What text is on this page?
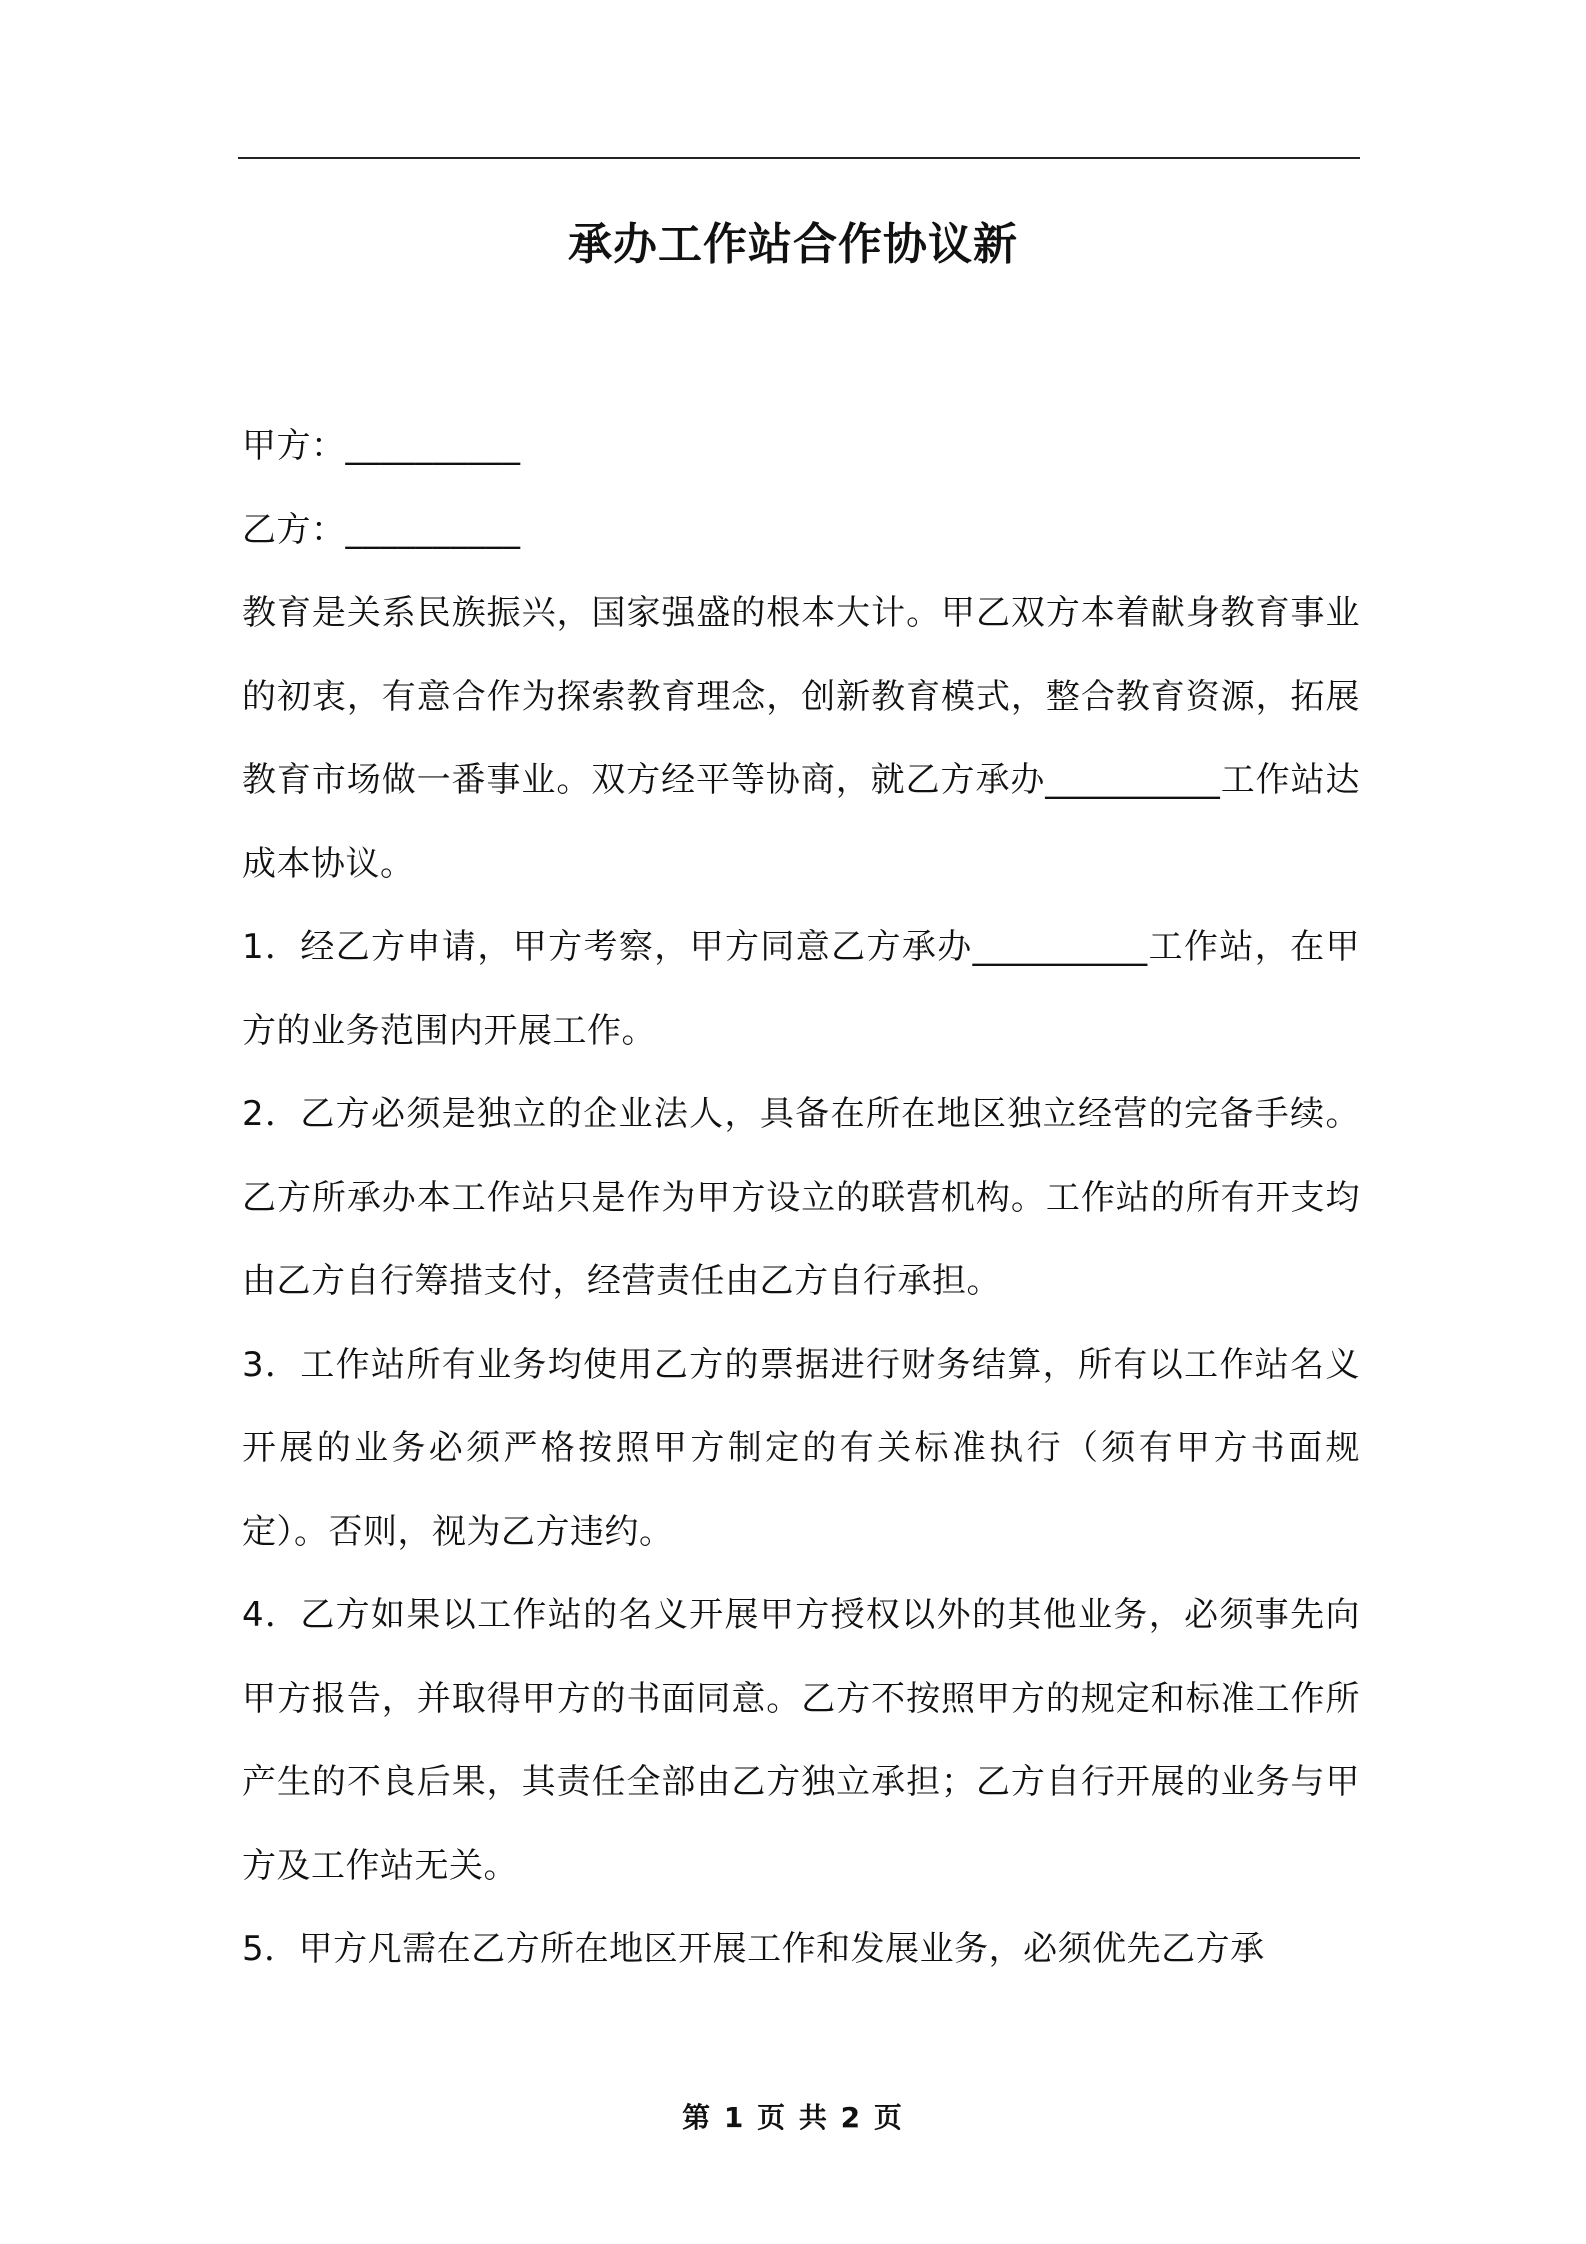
承办工作站合作协议新

甲方：__________

乙方：__________

教育是关系民族振兴，国家强盛的根本大计。甲乙双方本着献身教育事业的初衷，有意合作为探索教育理念，创新教育模式，整合教育资源，拓展教育市场做一番事业。双方经平等协商，就乙方承办__________工作站达成本协议。

1．经乙方申请，甲方考察，甲方同意乙方承办__________工作站，在甲方的业务范围内开展工作。

2．乙方必须是独立的企业法人，具备在所在地区独立经营的完备手续。乙方所承办本工作站只是作为甲方设立的联营机构。工作站的所有开支均由乙方自行筹措支付，经营责任由乙方自行承担。

3．工作站所有业务均使用乙方的票据进行财务结算，所有以工作站名义开展的业务必须严格按照甲方制定的有关标准执行（须有甲方书面规定）。否则，视为乙方违约。

4．乙方如果以工作站的名义开展甲方授权以外的其他业务，必须事先向甲方报告，并取得甲方的书面同意。乙方不按照甲方的规定和标准工作所产生的不良后果，其责任全部由乙方独立承担；乙方自行开展的业务与甲方及工作站无关。

5．甲方凡需在乙方所在地区开展工作和发展业务，必须优先乙方承

第 1 页 共 2 页
